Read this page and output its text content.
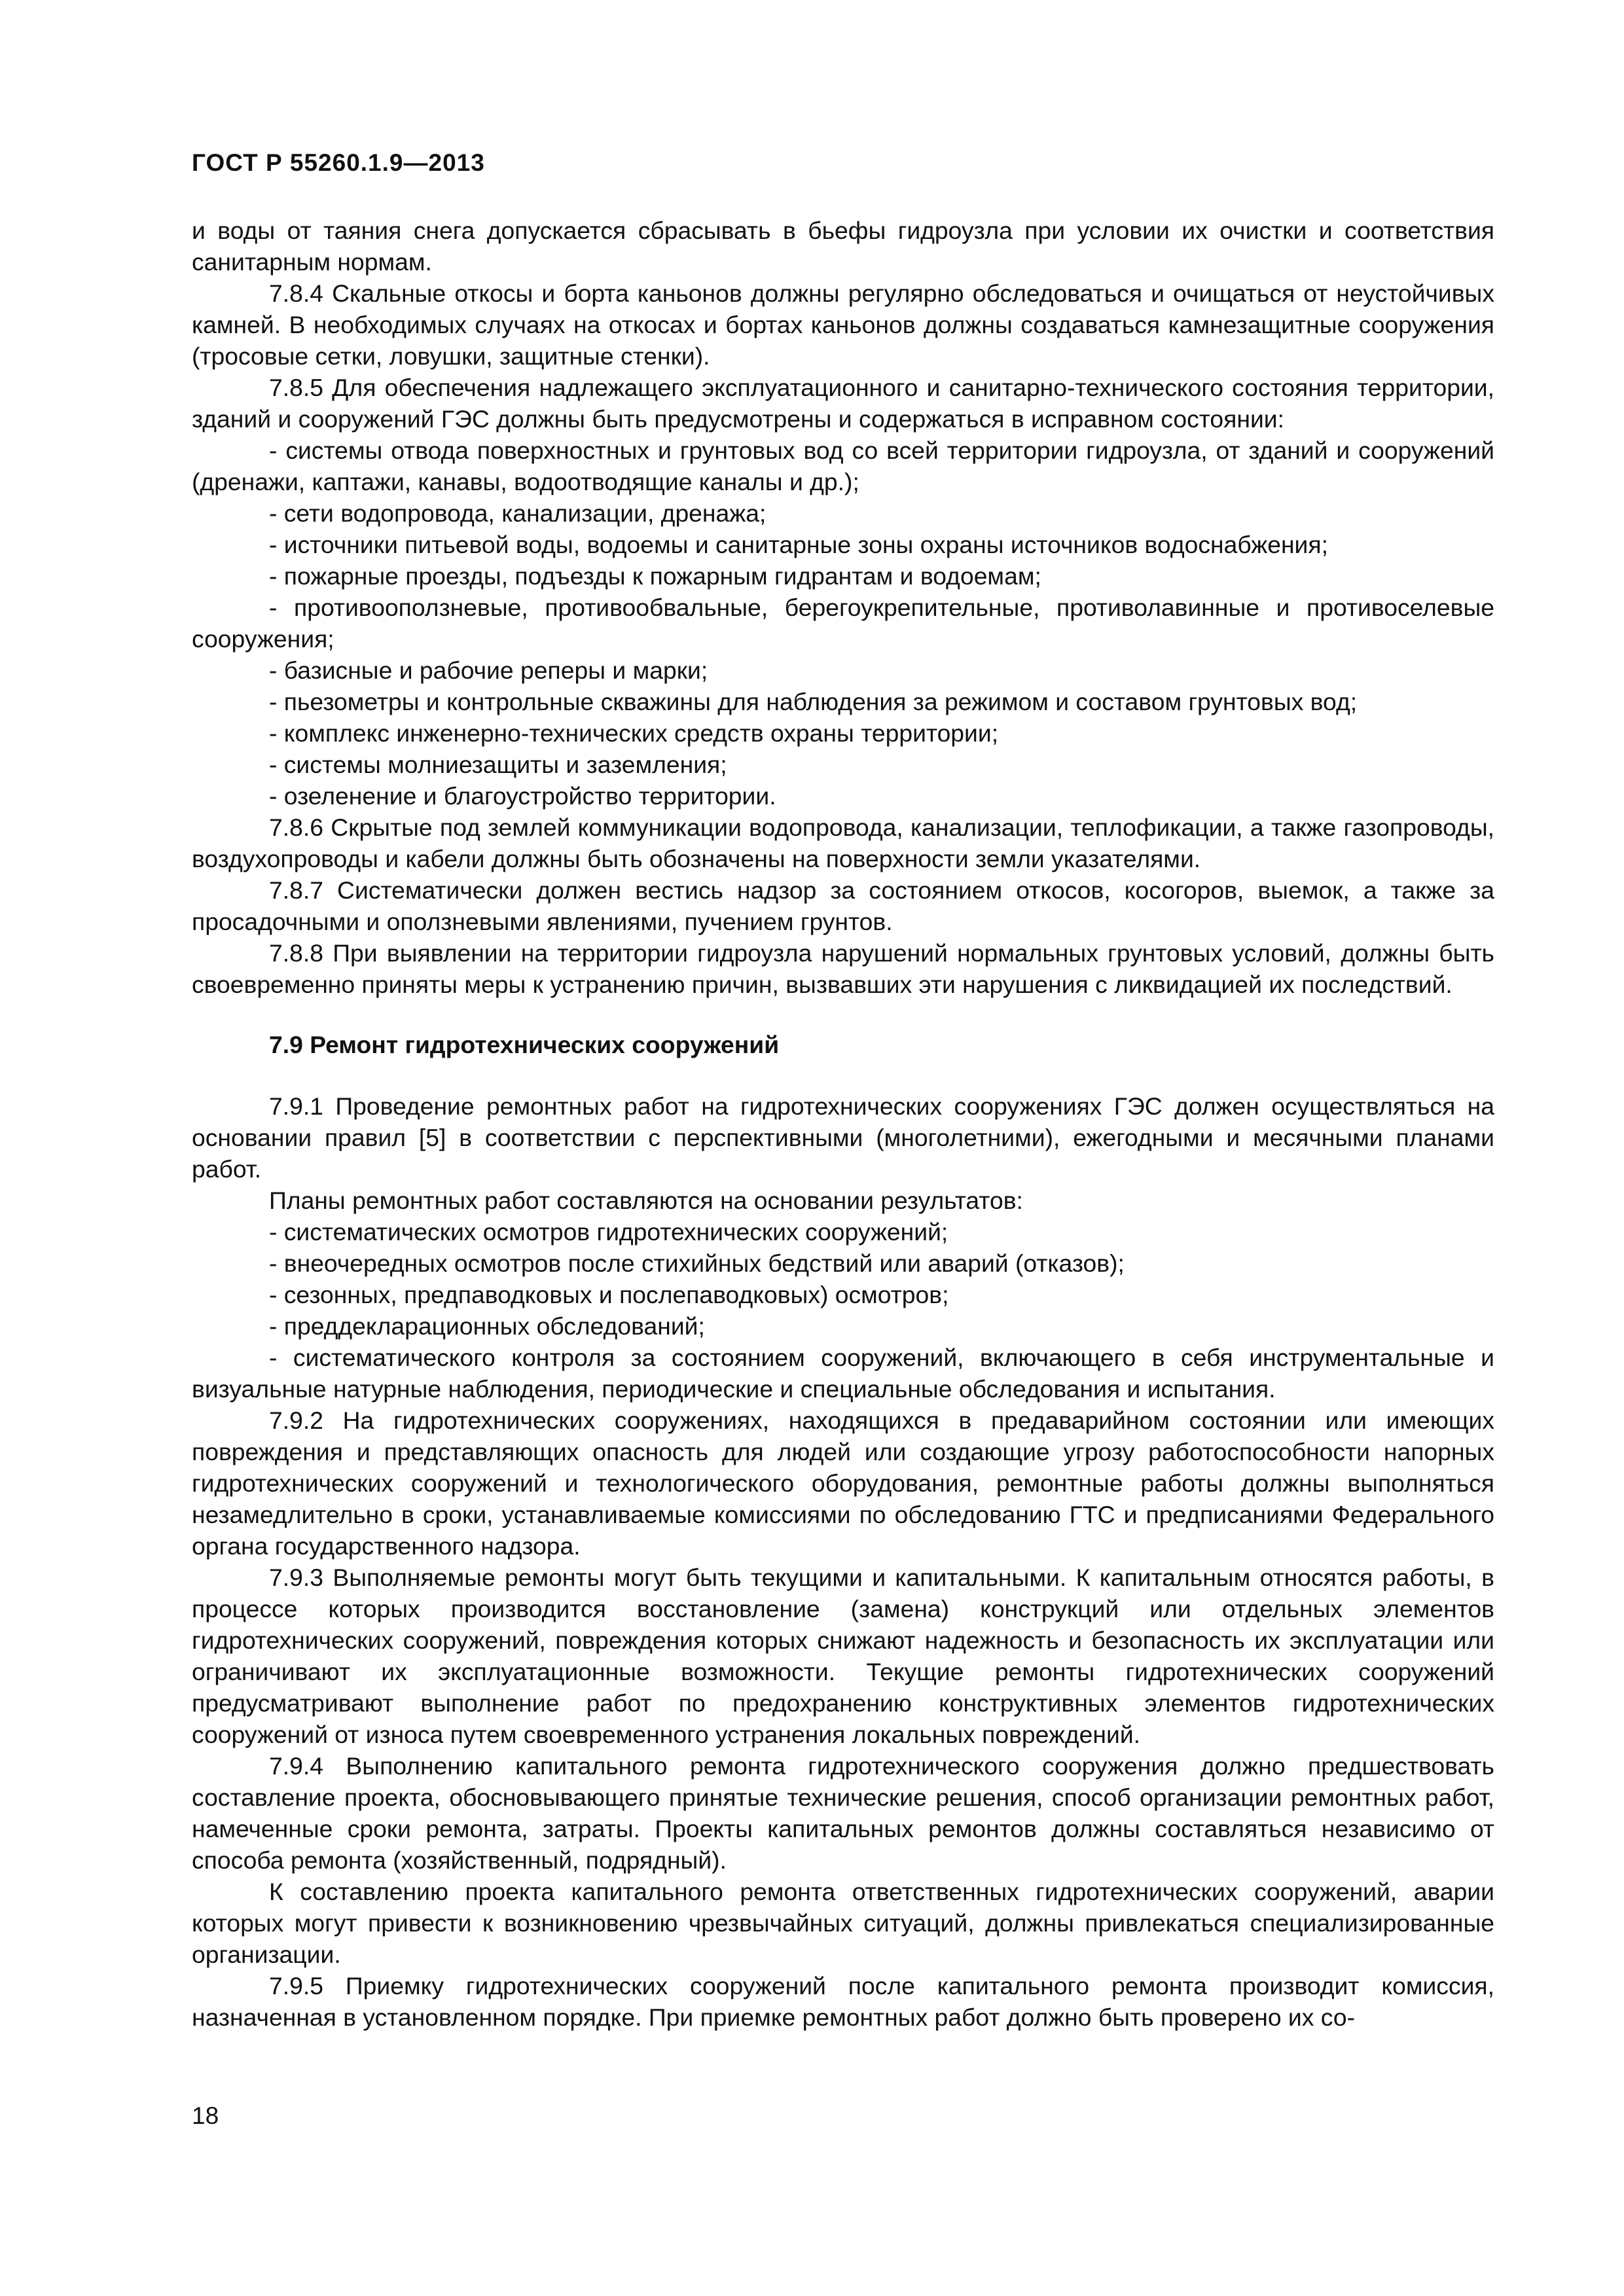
ГОСТ Р 55260.1.9—2013

и воды от таяния снега допускается сбрасывать в бьефы гидроузла при условии их очистки и соответствия санитарным нормам.

7.8.4 Скальные откосы и борта каньонов должны регулярно обследоваться и очищаться от неустойчивых камней. В необходимых случаях на откосах и бортах каньонов должны создаваться камнезащитные сооружения (тросовые сетки, ловушки, защитные стенки).

7.8.5 Для обеспечения надлежащего эксплуатационного и санитарно-технического состояния территории, зданий и сооружений ГЭС должны быть предусмотрены и содержаться в исправном состоянии:

- системы отвода поверхностных и грунтовых вод со всей территории гидроузла, от зданий и сооружений (дренажи, каптажи, канавы, водоотводящие каналы и др.);

- сети водопровода, канализации, дренажа;

- источники питьевой воды, водоемы и санитарные зоны охраны источников водоснабжения;

- пожарные проезды, подъезды к пожарным гидрантам и водоемам;

- противооползневые, противообвальные, берегоукрепительные, противолавинные и противоселевые сооружения;

- базисные и рабочие реперы и марки;

- пьезометры и контрольные скважины для наблюдения за режимом и составом грунтовых вод;

- комплекс инженерно-технических средств охраны территории;

- системы молниезащиты и заземления;

- озеленение и благоустройство территории.

7.8.6 Скрытые под землей коммуникации водопровода, канализации, теплофикации, а также газопроводы, воздухопроводы и кабели должны быть обозначены на поверхности земли указателями.

7.8.7 Систематически должен вестись надзор за состоянием откосов, косогоров, выемок, а также за просадочными и оползневыми явлениями, пучением грунтов.

7.8.8 При выявлении на территории гидроузла нарушений нормальных грунтовых условий, должны быть своевременно приняты меры к устранению причин, вызвавших эти нарушения с ликвидацией их последствий.

7.9 Ремонт гидротехнических сооружений

7.9.1 Проведение ремонтных работ на гидротехнических сооружениях ГЭС должен осуществляться на основании правил [5] в соответствии с перспективными (многолетними), ежегодными и месячными планами работ.

Планы ремонтных работ составляются на основании результатов:

- систематических осмотров гидротехнических сооружений;

- внеочередных осмотров после стихийных бедствий или аварий (отказов);

- сезонных, предпаводковых и послепаводковых) осмотров;

- преддекларационных обследований;

- систематического контроля за состоянием сооружений, включающего в себя инструментальные и визуальные натурные наблюдения, периодические и специальные обследования и испытания.

7.9.2 На гидротехнических сооружениях, находящихся в предаварийном состоянии или имеющих повреждения и представляющих опасность для людей или создающие угрозу работоспособности напорных гидротехнических сооружений и технологического оборудования, ремонтные работы должны выполняться незамедлительно в сроки, устанавливаемые комиссиями по обследованию ГТС и предписаниями Федерального органа государственного надзора.

7.9.3 Выполняемые ремонты могут быть текущими и капитальными. К капитальным относятся работы, в процессе которых производится восстановление (замена) конструкций или отдельных элементов гидротехнических сооружений, повреждения которых снижают надежность и безопасность их эксплуатации или ограничивают их эксплуатационные возможности. Текущие ремонты гидротехнических сооружений предусматривают выполнение работ по предохранению конструктивных элементов гидротехнических сооружений от износа путем своевременного устранения локальных повреждений.

7.9.4 Выполнению капитального ремонта гидротехнического сооружения должно предшествовать составление проекта, обосновывающего принятые технические решения, способ организации ремонтных работ, намеченные сроки ремонта, затраты. Проекты капитальных ремонтов должны составляться независимо от способа ремонта (хозяйственный, подрядный).

К составлению проекта капитального ремонта ответственных гидротехнических сооружений, аварии которых могут привести к возникновению чрезвычайных ситуаций, должны привлекаться специализированные организации.

7.9.5 Приемку гидротехнических сооружений после капитального ремонта производит комиссия, назначенная в установленном порядке. При приемке ремонтных работ должно быть проверено их со-

18
